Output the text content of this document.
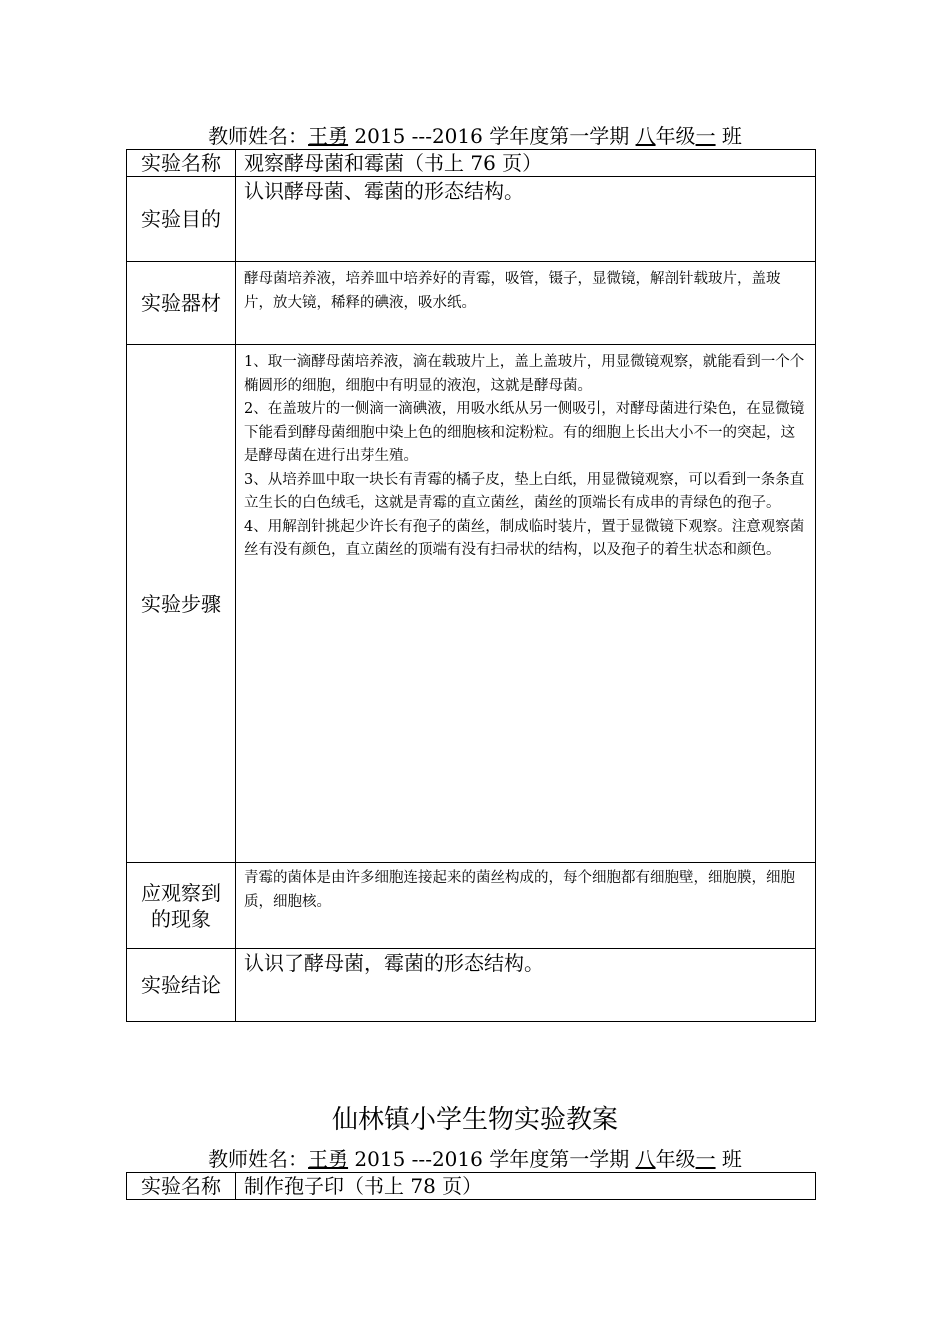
教师姓名：王勇 2015 ---2016 学年度第一学期 八年级一 班
实验名称	观察酵母菌和霉菌（书上 76 页）
实验目的	认识酵母菌、霉菌的形态结构。
实验器材	酵母菌培养液，培养皿中培养好的青霉，吸管，镊子，显微镜，解剖针载玻片，盖玻片，放大镜，稀释的碘液，吸水纸。
实验步骤	1、取一滴酵母菌培养液，滴在载玻片上，盖上盖玻片，用显微镜观察，就能看到一个个椭圆形的细胞，细胞中有明显的液泡，这就是酵母菌。

2、在盖玻片的一侧滴一滴碘液，用吸水纸从另一侧吸引，对酵母菌进行染色，在显微镜下能看到酵母菌细胞中染上色的细胞核和淀粉粒。有的细胞上长出大小不一的突起，这是酵母菌在进行出芽生殖。

3、从培养皿中取一块长有青霉的橘子皮，垫上白纸，用显微镜观察，可以看到一条条直立生长的白色绒毛，这就是青霉的直立菌丝，菌丝的顶端长有成串的青绿色的孢子。

4、用解剖针挑起少许长有孢子的菌丝，制成临时装片，置于显微镜下观察。注意观察菌丝有没有颜色，直立菌丝的顶端有没有扫帚状的结构，以及孢子的着生状态和颜色。

应观察到
的现象	青霉的菌体是由许多细胞连接起来的菌丝构成的，每个细胞都有细胞壁，细胞膜，细胞质，细胞核。
实验结论	认识了酵母菌，霉菌的形态结构。
仙林镇小学生物实验教案
教师姓名：王勇 2015 ---2016 学年度第一学期 八年级一 班
实验名称	制作孢子印（书上 78 页）
